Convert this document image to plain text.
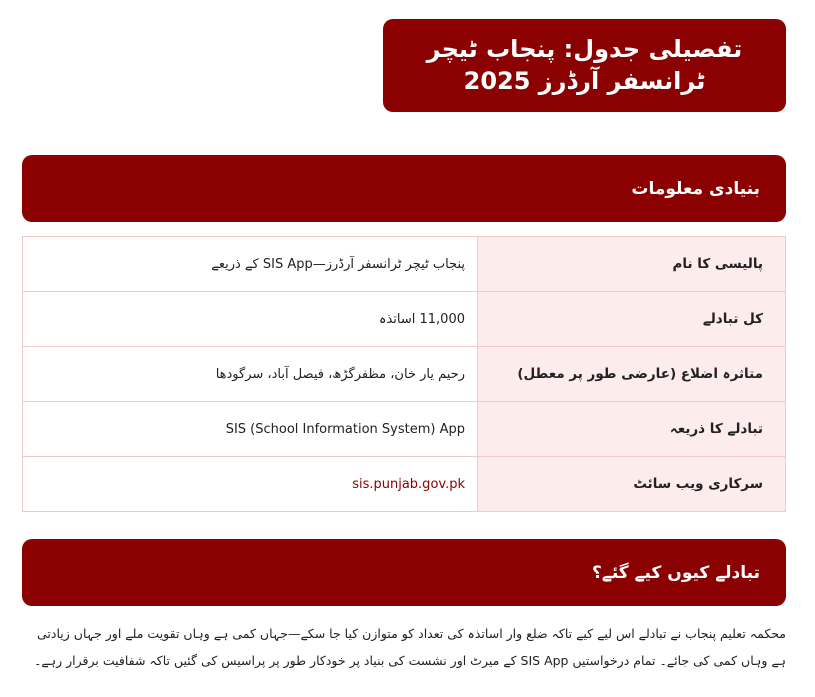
تفصیلی جدول: پنجاب ٹیچر ٹرانسفر آرڈرز 2025
بنیادی معلومات
پالیسی کا نام	پنجاب ٹیچر ٹرانسفر آرڈرز—SIS App کے ذریعے
کل تبادلے	11,000 اساتذہ
متاثرہ اضلاع (عارضی طور پر معطل)	رحیم یار خان، مظفرگڑھ، فیصل آباد، سرگودھا
تبادلے کا ذریعہ	SIS (School Information System) App
سرکاری ویب سائٹ	sis.punjab.gov.pk
تبادلے کیوں کیے گئے؟
محکمہ تعلیم پنجاب نے تبادلے اس لیے کیے تاکہ ضلع وار اساتذہ کی تعداد کو متوازن کیا جا سکے—جہاں کمی ہے وہاں تقویت ملے اور جہاں زیادتی ہے وہاں کمی کی جائے۔ تمام درخواستیں SIS App کے میرٹ اور نشست کی بنیاد پر خودکار طور پر پراسیس کی گئیں تاکہ شفافیت برقرار رہے۔
